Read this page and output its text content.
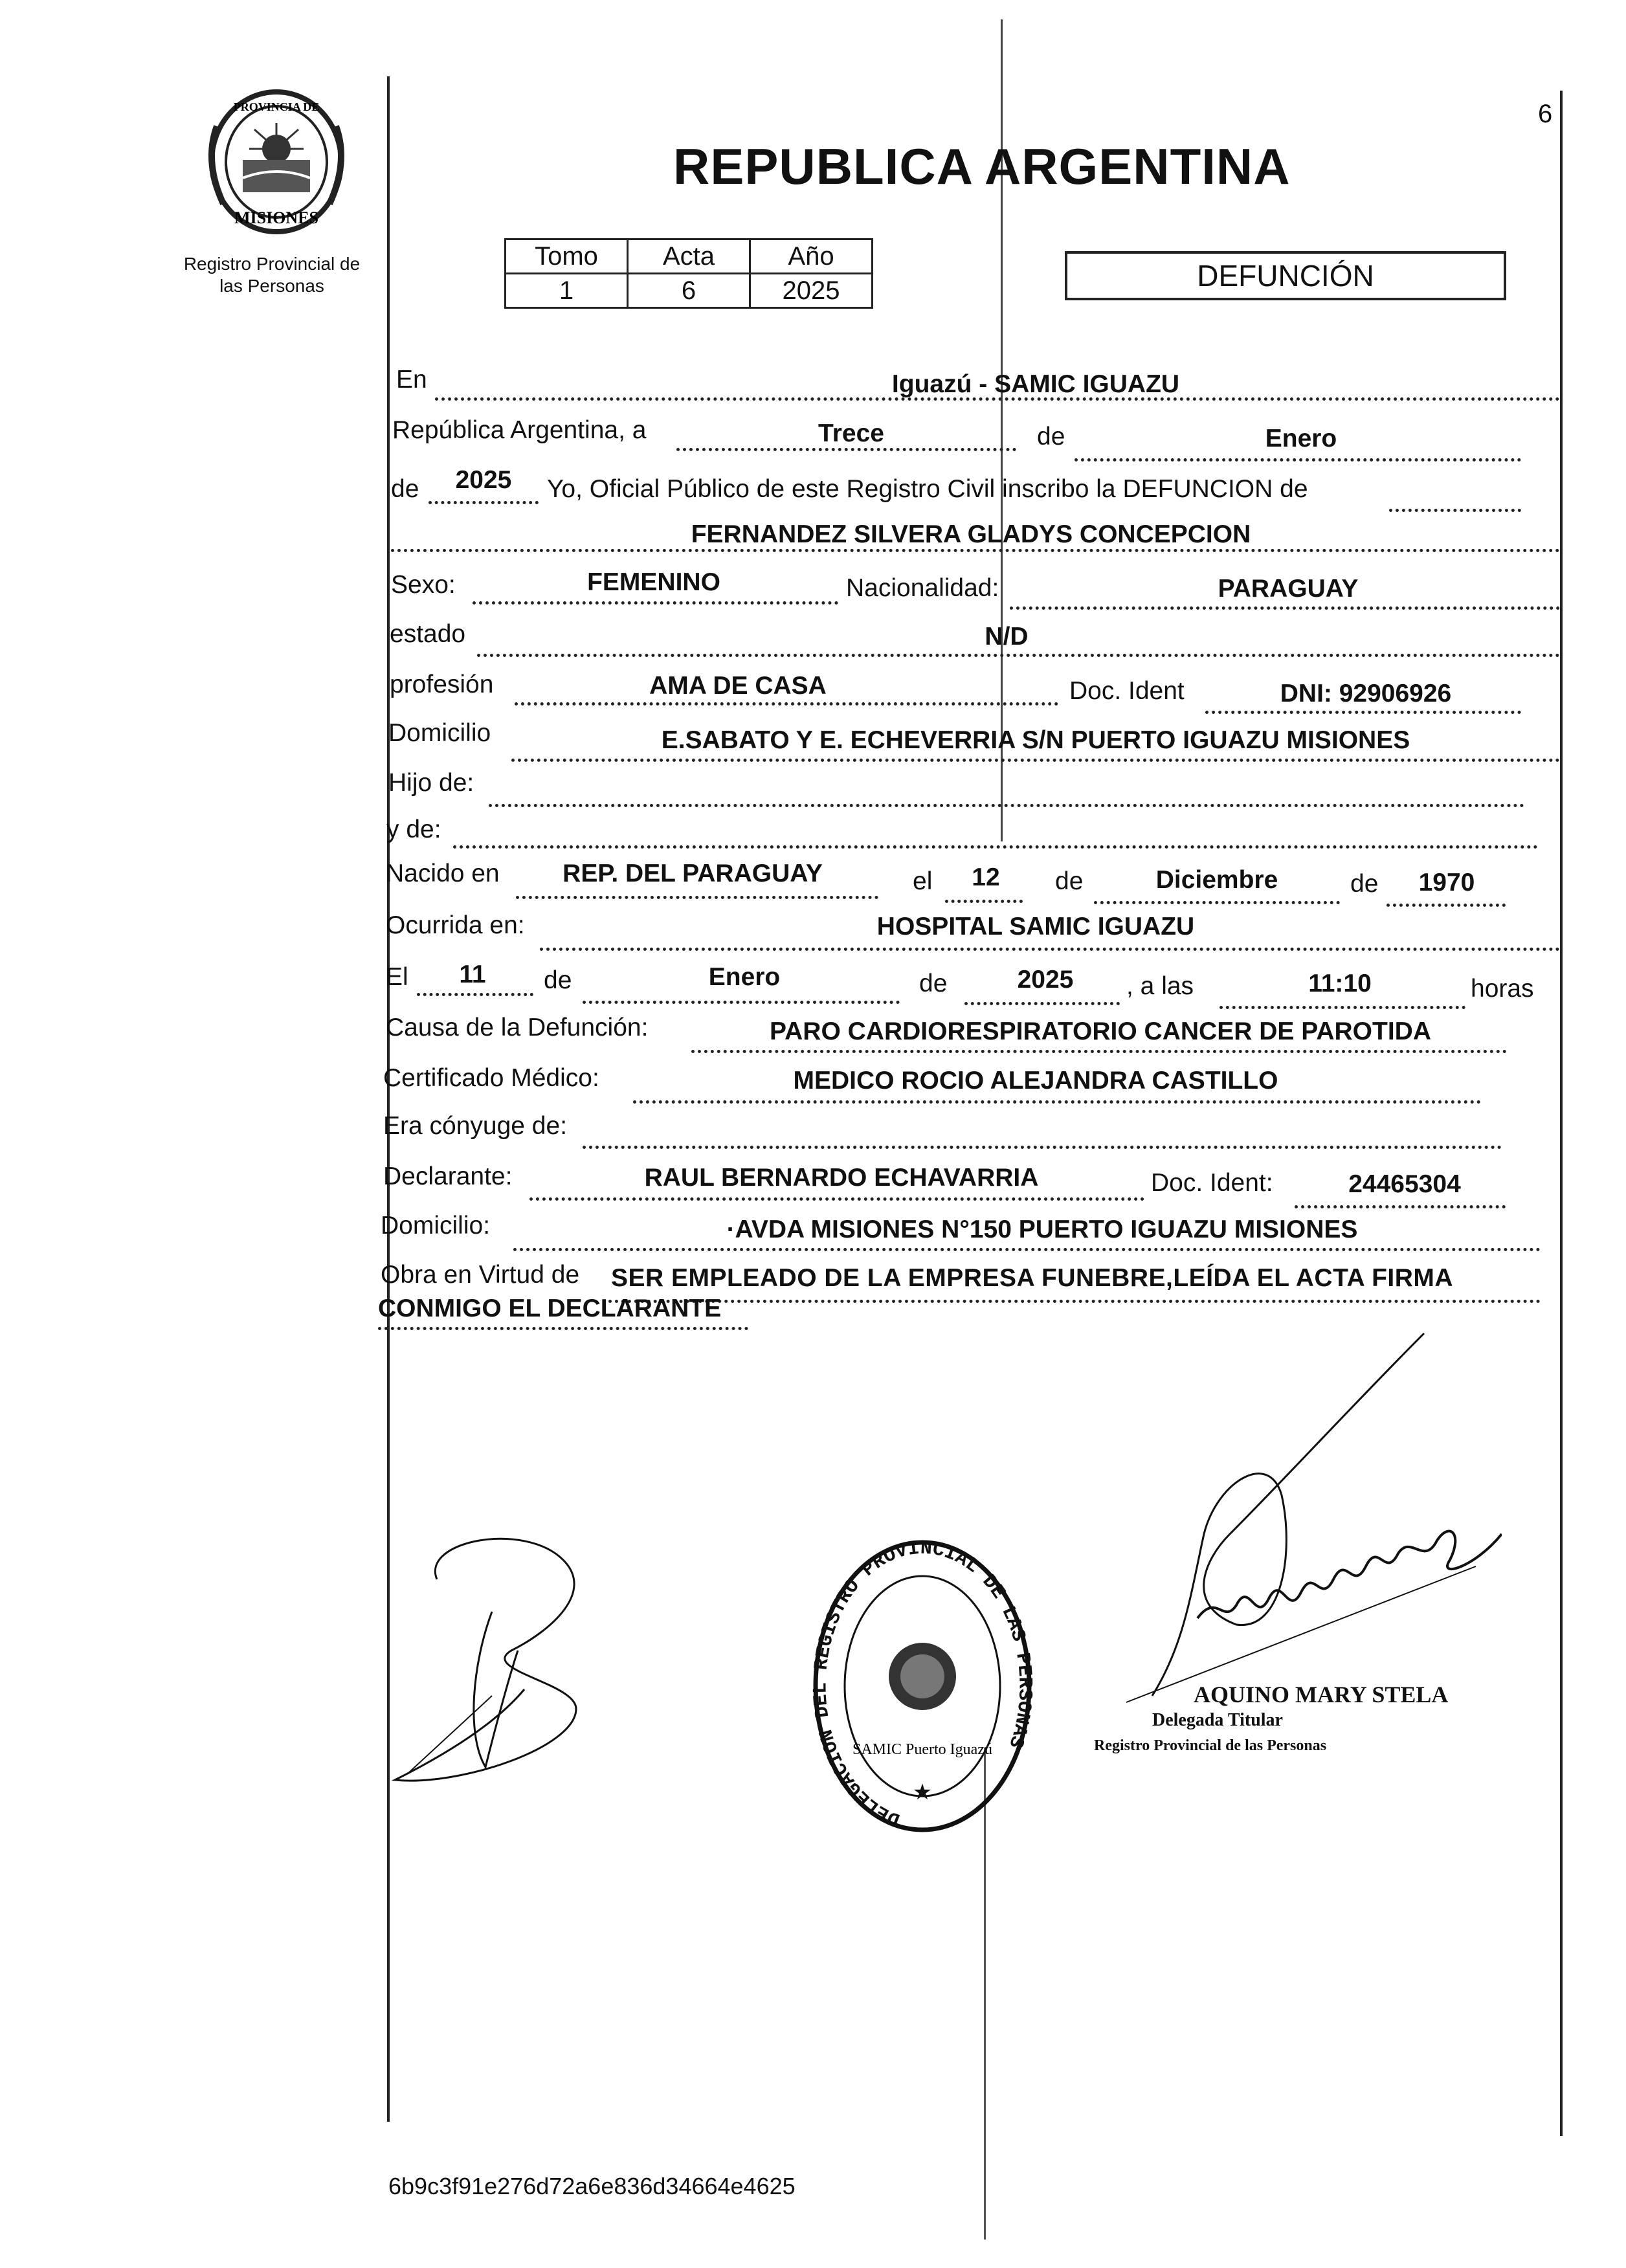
6
MISIONES
PROVINCIA DE
Registro Provincial de
las Personas
REPUBLICA ARGENTINA
Tomo	Acta	Año
1	6	2025	DEFUNCIÓN
En	Iguazú - SAMIC IGUAZU
República Argentina, a	Trece	de	Enero
de	2025	Yo, Oficial Público de este Registro Civil inscribo la DEFUNCION de
FERNANDEZ SILVERA GLADYS CONCEPCION
Sexo:	FEMENINO	Nacionalidad:	PARAGUAY
estado	N/D
profesión	AMA DE CASA	Doc. Ident	DNI: 92906926
Domicilio	E.SABATO Y E. ECHEVERRIA S/N PUERTO IGUAZU MISIONES
Hijo de:
y de:
Nacido en	REP. DEL PARAGUAY	el	12	de	Diciembre	de	1970
Ocurrida en:	HOSPITAL SAMIC IGUAZU
El	11	de	Enero	de	2025	, a las	11:10	horas
Causa de la Defunción:	PARO CARDIORESPIRATORIO CANCER DE PAROTIDA
Certificado Médico:	MEDICO ROCIO ALEJANDRA CASTILLO
Era cónyuge de:
Declarante:	RAUL BERNARDO ECHAVARRIA	Doc. Ident:	24465304
Domicilio:	·AVDA MISIONES N°150 PUERTO IGUAZU MISIONES
Obra en Virtud de SER EMPLEADO DE LA EMPRESA FUNEBRE,LEÍDA EL ACTA FIRMA
CONMIGO EL DECLARANTE
DELEGACION DEL REGISTRO PROVINCIAL DE LAS PERSONAS
SAMIC Puerto Iguazú
★
AQUINO MARY STELA
Delegada Titular
Registro Provincial de las Personas
6b9c3f91e276d72a6e836d34664e4625
